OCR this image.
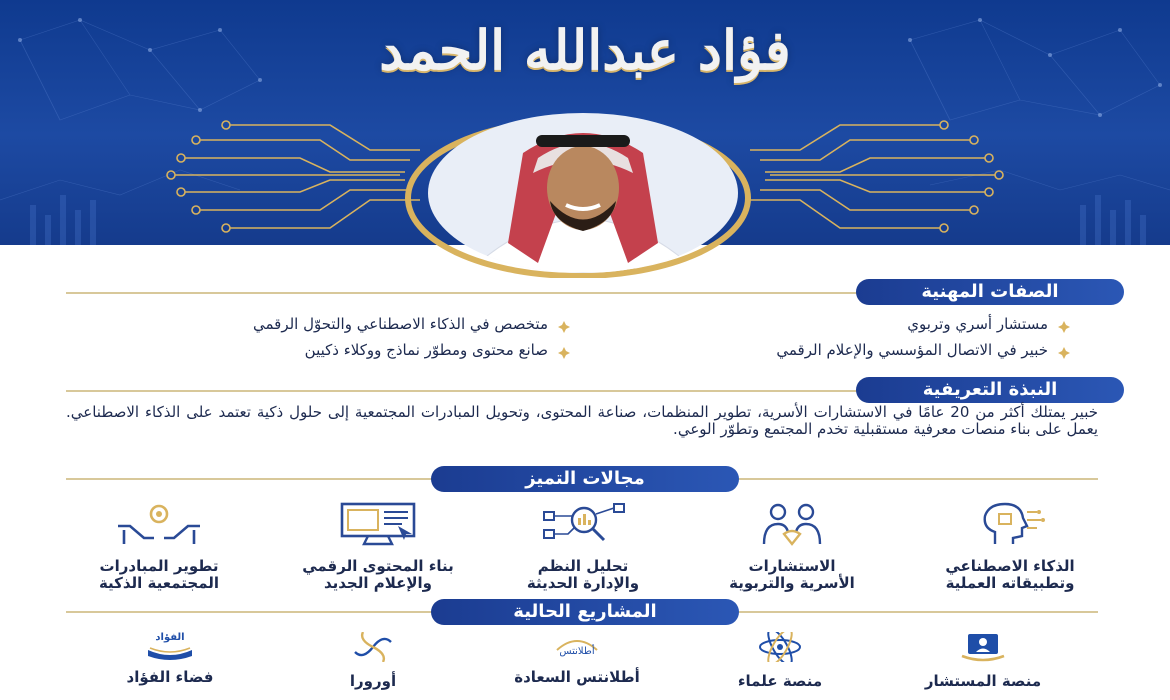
فؤاد عبدالله الحمد
الصفات المهنية
مستشار أسري وتربوي
متخصص في الذكاء الاصطناعي والتحوّل الرقمي
خبير في الاتصال المؤسسي والإعلام الرقمي
صانع محتوى ومطوّر نماذج ووكلاء ذكيين
النبذة التعريفية
خبير يمتلك أكثر من 20 عامًا في الاستشارات الأسرية، تطوير المنظمات، صناعة المحتوى، وتحويل المبادرات المجتمعية إلى حلول ذكية تعتمد على الذكاء الاصطناعي. يعمل على بناء منصات معرفية مستقبلية تخدم المجتمع وتطوّر الوعي.
مجالات التميز
الذكاء الاصطناعي
وتطبيقاته العملية
الاستشارات
الأسرية والتربوية
تحليل النظم
والإدارة الحديثة
بناء المحتوى الرقمي
والإعلام الجديد
تطوير المبادرات
المجتمعية الذكية
المشاريع الحالية
منصة المستشار
منصة علماء
أطلانتس
أطلانتس السعادة
أورورا
الفؤاد
فضاء الفؤاد
